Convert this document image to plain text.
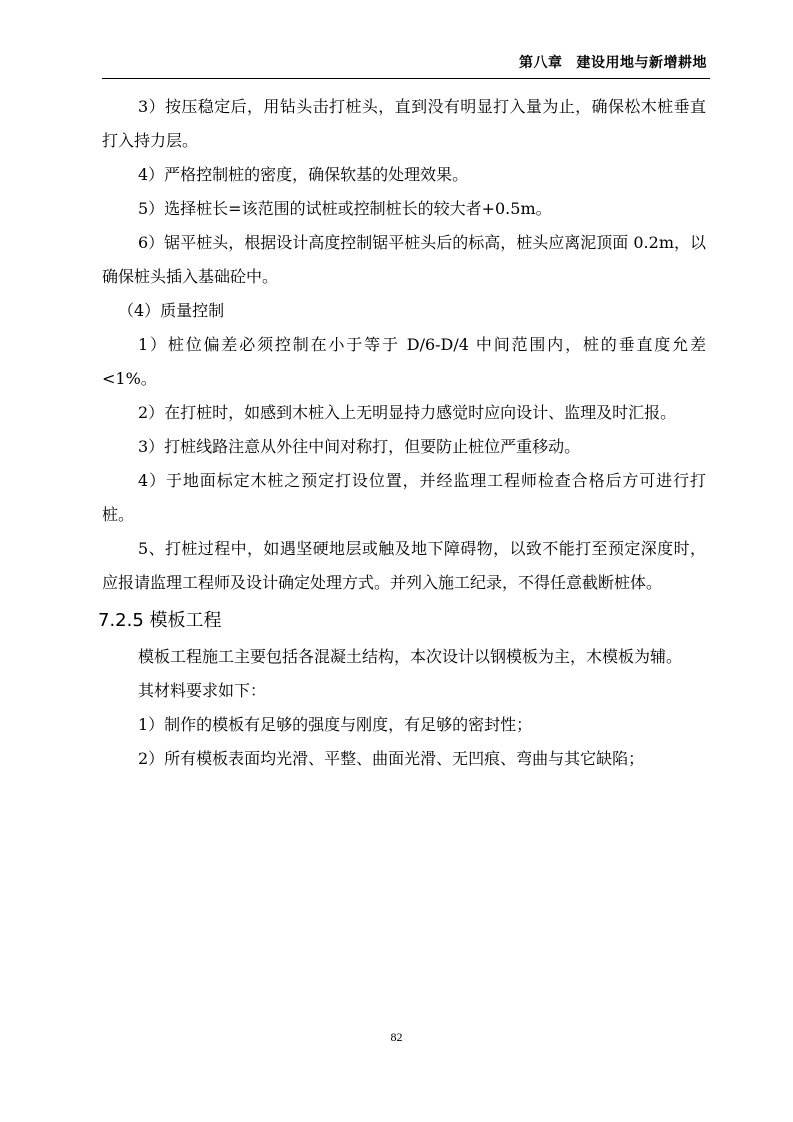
第八章 建设用地与新增耕地

3）按压稳定后，用钻头击打桩头，直到没有明显打入量为止，确保松木桩垂直打入持力层。

4）严格控制桩的密度，确保软基的处理效果。

5）选择桩长=该范围的试桩或控制桩长的较大者+0.5m。

6）锯平桩头，根据设计高度控制锯平桩头后的标高，桩头应离泥顶面 0.2m，以确保桩头插入基础砼中。

（4）质量控制

1）桩位偏差必须控制在小于等于 D/6-D/4 中间范围内，桩的垂直度允差<1%。

2）在打桩时，如感到木桩入上无明显持力感觉时应向设计、监理及时汇报。

3）打桩线路注意从外往中间对称打，但要防止桩位严重移动。

4）于地面标定木桩之预定打设位置，并经监理工程师检查合格后方可进行打桩。

5、打桩过程中，如遇坚硬地层或触及地下障碍物，以致不能打至预定深度时，应报请监理工程师及设计确定处理方式。并列入施工纪录，不得任意截断桩体。

7.2.5 模板工程

模板工程施工主要包括各混凝土结构，本次设计以钢模板为主，木模板为辅。

其材料要求如下：

1）制作的模板有足够的强度与刚度，有足够的密封性；

2）所有模板表面均光滑、平整、曲面光滑、无凹痕、弯曲与其它缺陷；

82
